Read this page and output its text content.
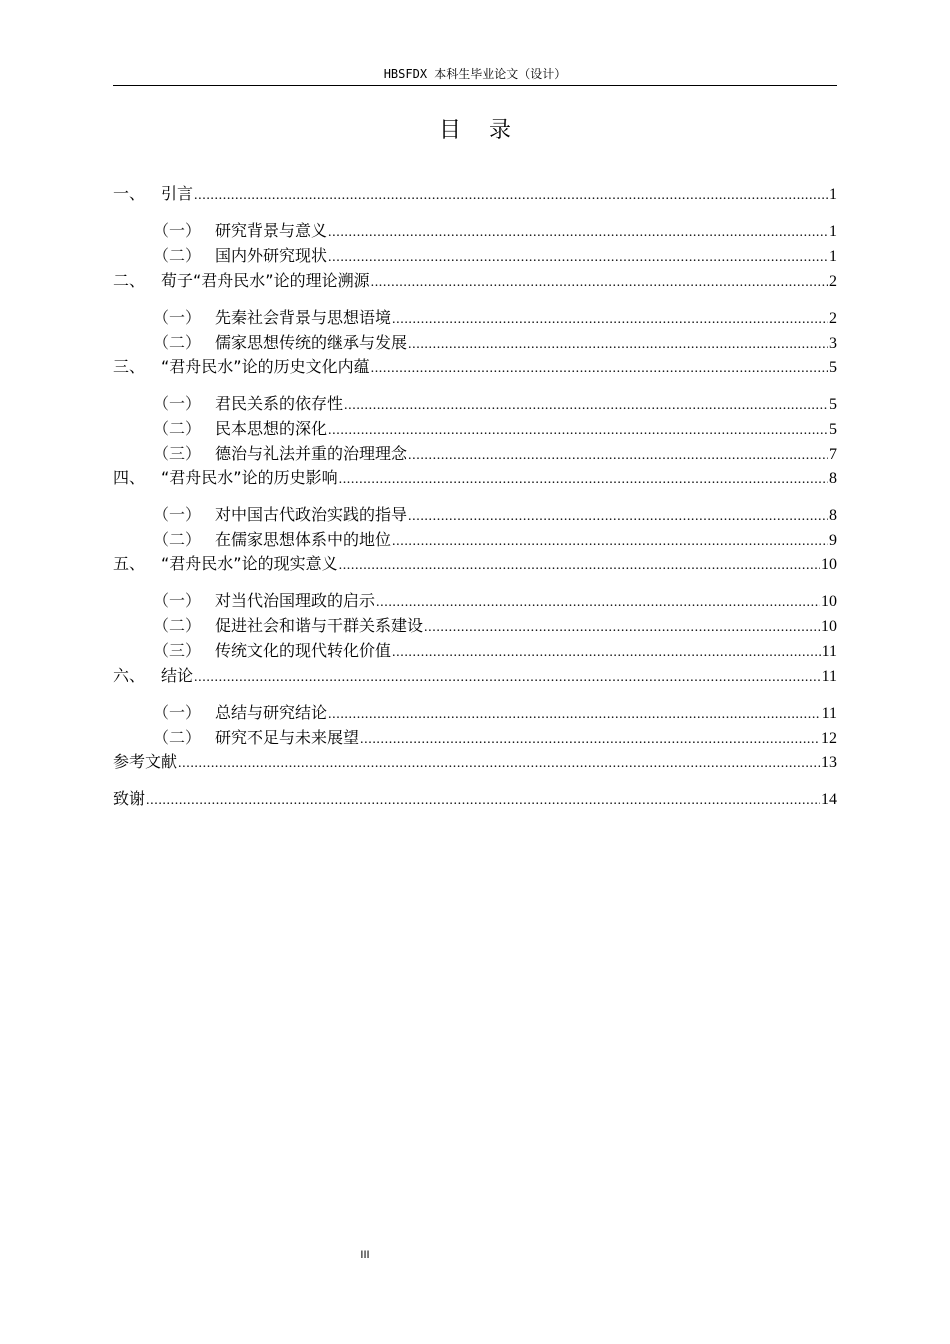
HBSFDX 本科生毕业论文（设计）
目录
一、 引言 .....	1
（一） 研究背景与意义 .....	1
（二） 国内外研究现状 .....	1
二、 荀子“君舟民水”论的理论溯源 .....	2
（一） 先秦社会背景与思想语境 .....	2
（二） 儒家思想传统的继承与发展 .....	3
三、 “君舟民水”论的历史文化内蕴 .....	5
（一） 君民关系的依存性 .....	5
（二） 民本思想的深化 .....	5
（三） 德治与礼法并重的治理理念 .....	7
四、 “君舟民水”论的历史影响 .....	8
（一） 对中国古代政治实践的指导 .....	8
（二） 在儒家思想体系中的地位 .....	9
五、 “君舟民水”论的现实意义 .....	10
（一） 对当代治国理政的启示 .....	10
（二） 促进社会和谐与干群关系建设 .....	10
（三） 传统文化的现代转化价值 .....	11
六、 结论 .....	11
（一） 总结与研究结论 .....	11
（二） 研究不足与未来展望 .....	12
参考文献 .....	13
致谢 .....	14
III
